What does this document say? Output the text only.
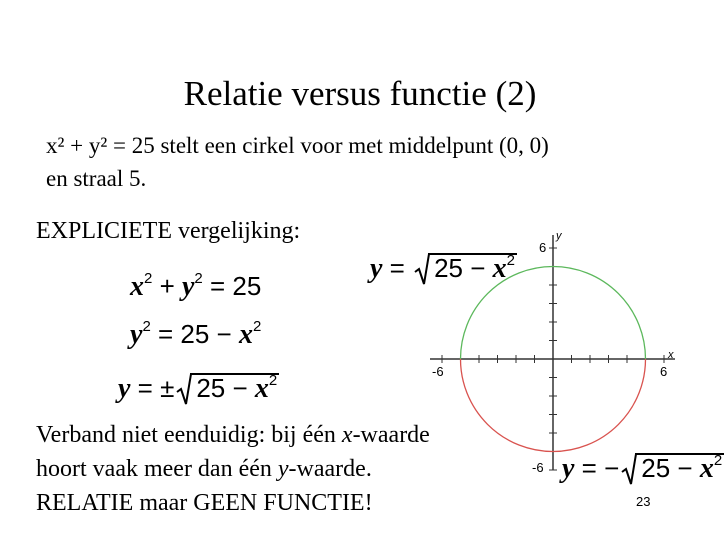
Relatie versus functie (2)
x² + y² = 25 stelt een cirkel voor met middelpunt (0, 0)
en straal 5.
EXPLICIETE vergelijking:
$x^2 + y^2 = 25$
$y^2 = 25 - x^2$
y = ± $25 - x^2$
y =
$25 - x^2$
y = − $25 - x^2$
y
x
-6	6
6
-6
Verband niet eenduidig: bij één x-waarde
hoort vaak meer dan één y-waarde.
RELATIE maar GEEN FUNCTIE!	23
